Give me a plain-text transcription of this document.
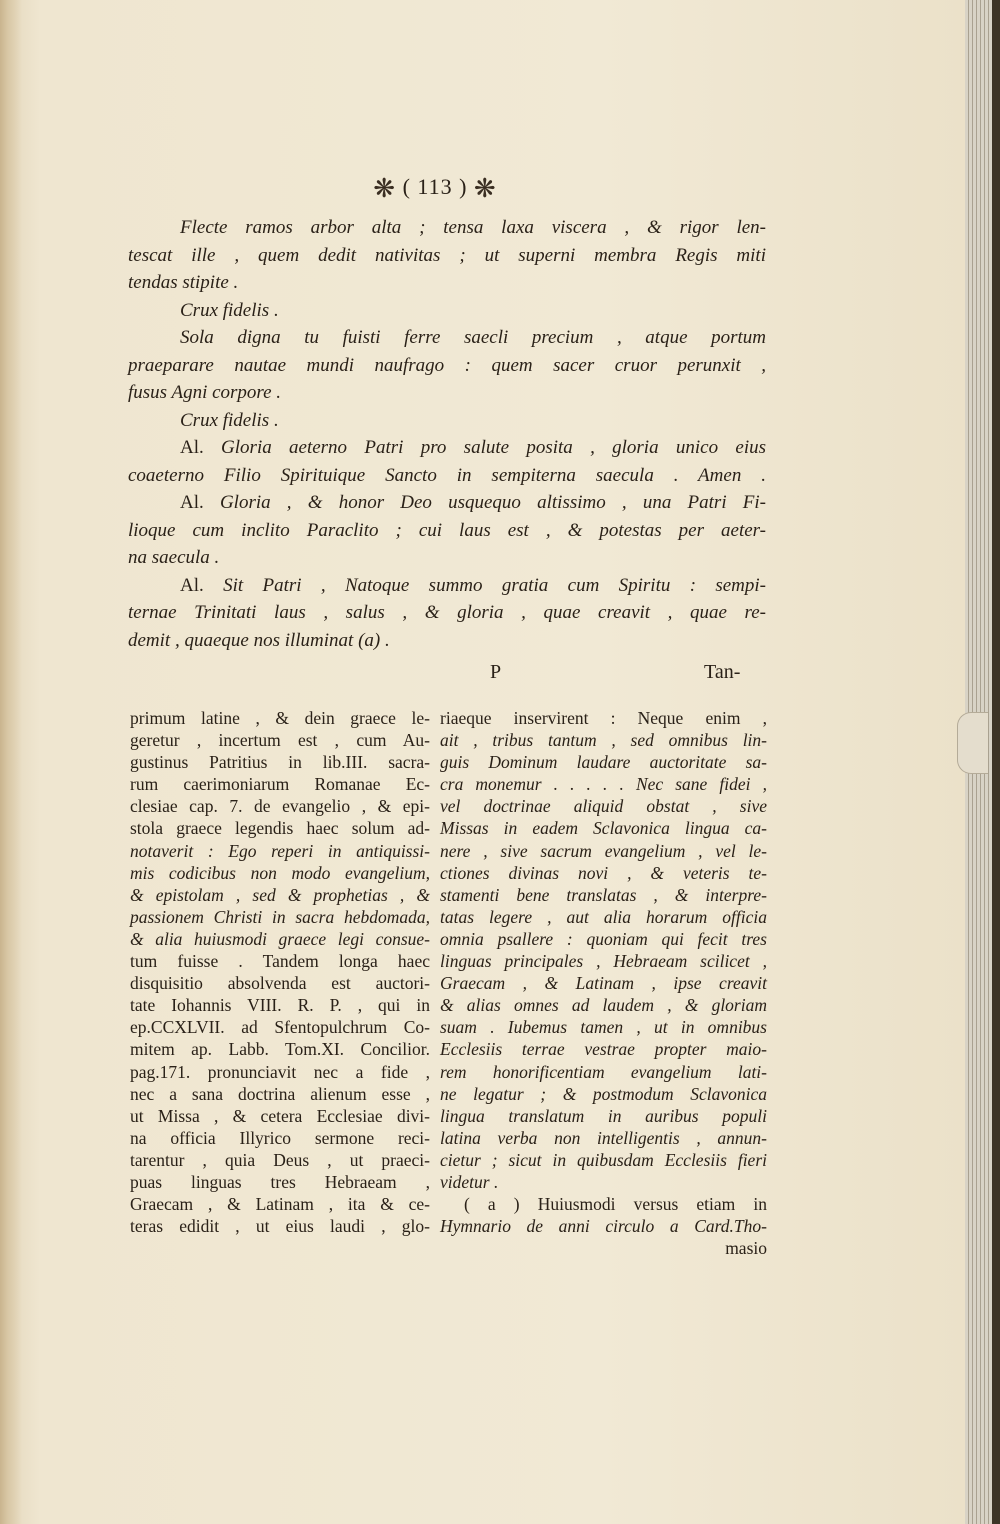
❋ ( 113 ) ❋

Flecte ramos arbor alta ; tensa laxa viscera , & rigor len-

tescat ille , quem dedit nativitas ; ut superni membra Regis miti

tendas stipite .

Crux fidelis .

Sola digna tu fuisti ferre saecli precium , atque portum

praeparare nautae mundi naufrago : quem sacer cruor perunxit ,

fusus Agni corpore .

Crux fidelis .

Al. Gloria aeterno Patri pro salute posita , gloria unico eius

coaeterno Filio Spirituique Sancto in sempiterna saecula . Amen .

Al. Gloria , & honor Deo usquequo altissimo , una Patri Fi-

lioque cum inclito Paraclito ; cui laus est , & potestas per aeter-

na saecula .

Al. Sit Patri , Natoque summo gratia cum Spiritu : sempi-

ternae Trinitati laus , salus , & gloria , quae creavit , quae re-

demit , quaeque nos illuminat (a) .

P	Tan-

primum latine , & dein graece le-

geretur , incertum est , cum Au-

gustinus Patritius in lib.III. sacra-

rum caerimoniarum Romanae Ec-

clesiae cap. 7. de evangelio , & epi-

stola graece legendis haec solum ad-

notaverit : Ego reperi in antiquissi-

mis codicibus non modo evangelium,

& epistolam , sed & prophetias , &

passionem Christi in sacra hebdomada,

& alia huiusmodi graece legi consue-

tum fuisse . Tandem longa haec

disquisitio absolvenda est auctori-

tate Iohannis VIII. R. P. , qui in

ep.CCXLVII. ad Sfentopulchrum Co-

mitem ap. Labb. Tom.XI. Concilior.

pag.171. pronunciavit nec a fide ,

nec a sana doctrina alienum esse ,

ut Missa , & cetera Ecclesiae divi-

na officia Illyrico sermone reci-

tarentur , quia Deus , ut praeci-

puas linguas tres Hebraeam ,

Graecam , & Latinam , ita & ce-

teras edidit , ut eius laudi , glo-

riaeque inservirent : Neque enim ,

ait , tribus tantum , sed omnibus lin-

guis Dominum laudare auctoritate sa-

cra monemur . . . . . Nec sane fidei ,

vel doctrinae aliquid obstat , sive

Missas in eadem Sclavonica lingua ca-

nere , sive sacrum evangelium , vel le-

ctiones divinas novi , & veteris te-

stamenti bene translatas , & interpre-

tatas legere , aut alia horarum officia

omnia psallere : quoniam qui fecit tres

linguas principales , Hebraeam scilicet ,

Graecam , & Latinam , ipse creavit

& alias omnes ad laudem , & gloriam

suam . Iubemus tamen , ut in omnibus

Ecclesiis terrae vestrae propter maio-

rem honorificentiam evangelium lati-

ne legatur ; & postmodum Sclavonica

lingua translatum in auribus populi

latina verba non intelligentis , annun-

cietur ; sicut in quibusdam Ecclesiis fieri

videtur .

( a ) Huiusmodi versus etiam in

Hymnario de anni circulo a Card.Tho-

masio
